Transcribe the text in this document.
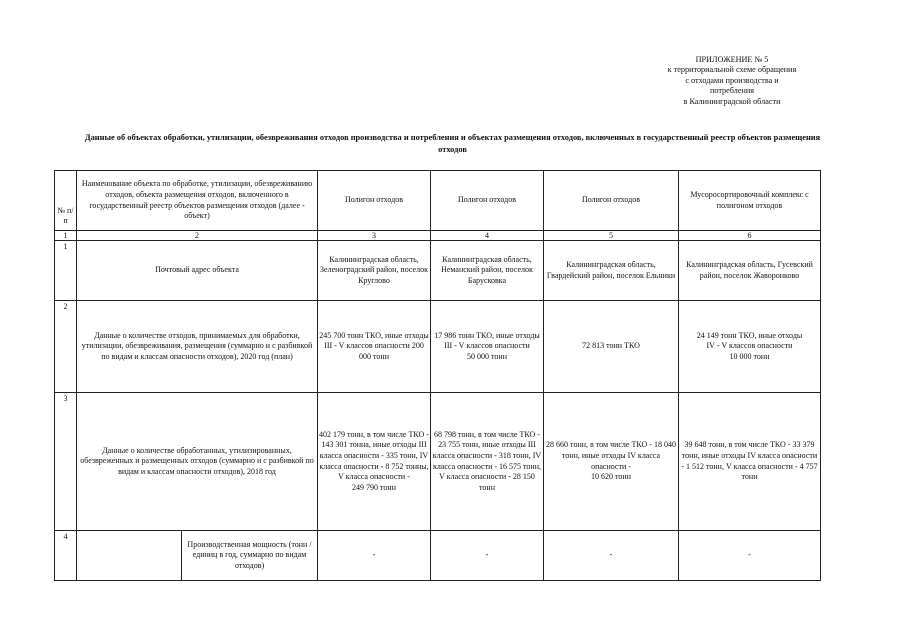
ПРИЛОЖЕНИЕ № 5
к территориальной схеме обращения
с отходами производства и
потребления
в Калининградской области
Данные об объектах обработки, утилизации, обезвреживания отходов производства и потребления и объектах размещения отходов, включенных в государственный реестр объектов размещения отходов
№ п/п	Наименование объекта по обработке, утилизации, обезвреживанию отходов, объекта размещения отходов, включенного в государственный реестр объектов размещения отходов (далее - объект)		Полигон отходов	Полигон отходов	Полигон отходов	Мусоросортировочный комплекс с полигоном отходов
1	2		3	4	5	6
1	Почтовый адрес объекта		Калининградская область, Зеленоградский район, поселок Круглово	Калининградская область, Неманский район, поселок Барусковка	Калининградская область, Гвардейский район, поселок Ельники	Калининградская область, Гусевский район, поселок Жаворонково
2	Данные о количестве отходов, принимаемых для обработки, утилизации, обезвреживания, размещения (суммарно и с разбивкой по видам и классам опасности отходов), 2020 год (план)		245 700 тонн ТКО, иные отходы III - V классов опасности 200 000 тонн	17 986 тонн ТКО, иные отходы III - V классов опасности
50 000 тонн	72 813 тонн ТКО	24 149 тонн ТКО, иные отходы
IV - V классов опасности
10 000 тонн
3	Данные о количестве обработанных, утилизированных, обезвреженных и размещенных отходов (суммарно и с разбивкой по видам и классам опасности отходов), 2018 год		402 179 тонн, в том числе ТКО -
143 301 тонна, иные отходы III класса опасности - 335 тонн, IV класса опасности - 8 752 тонны, V класса опасности -
249 790 тонн	68 798 тонн, в том числе ТКО - 23 755 тонн, иные отходы III класса опасности - 318 тонн, IV класса опасности - 16 575 тонн, V класса опасности - 28 150 тонн	28 660 тонн, в том числе ТКО - 18 040 тонн, иные отходы IV класса опасности -
10 620 тонн	39 648 тонн, в том числе ТКО - 33 379 тонн, иные отходы IV класса опасности - 1 512 тонн, V класса опасности - 4 757 тонн
4		Производственная мощность (тонн / единиц в год, суммарно по видам отходов)	-	-	-	-
